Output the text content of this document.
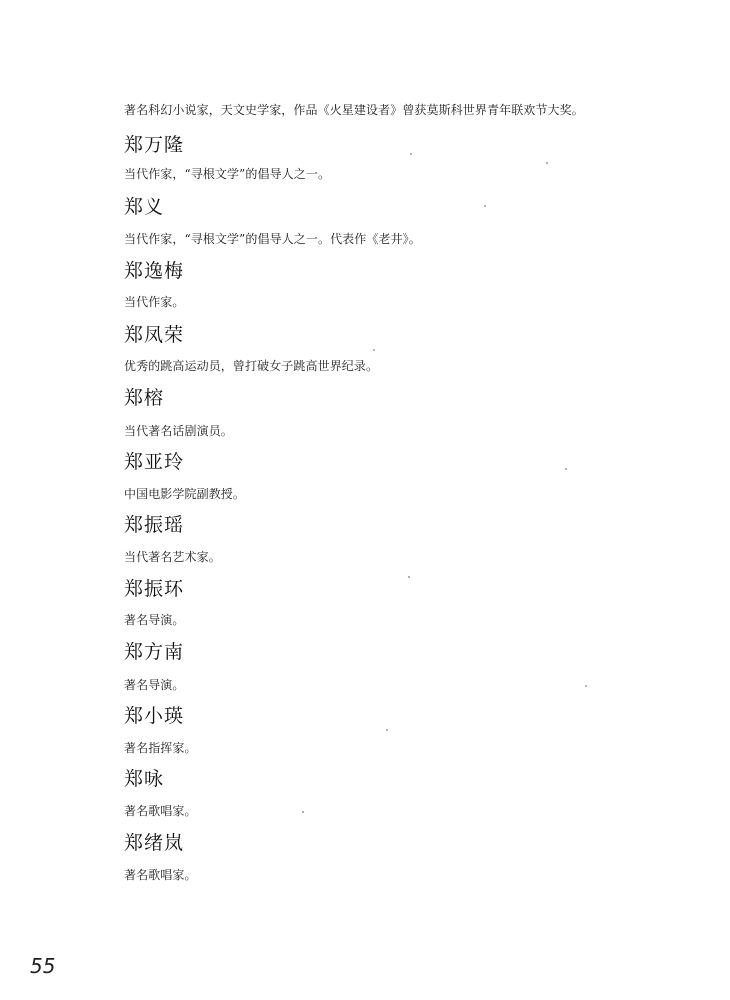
著名科幻小说家，天文史学家，作品《火星建设者》曾获莫斯科世界青年联欢节大奖。
郑万隆
当代作家，“寻根文学”的倡导人之一。
郑义
当代作家，“寻根文学”的倡导人之一。代表作《老井》。
郑逸梅
当代作家。
郑凤荣
优秀的跳高运动员，曾打破女子跳高世界纪录。
郑榕
当代著名话剧演员。
郑亚玲
中国电影学院副教授。
郑振瑶
当代著名艺术家。
郑振环
著名导演。
郑方南
著名导演。
郑小瑛
著名指挥家。
郑咏
著名歌唱家。
郑绪岚
著名歌唱家。
55
